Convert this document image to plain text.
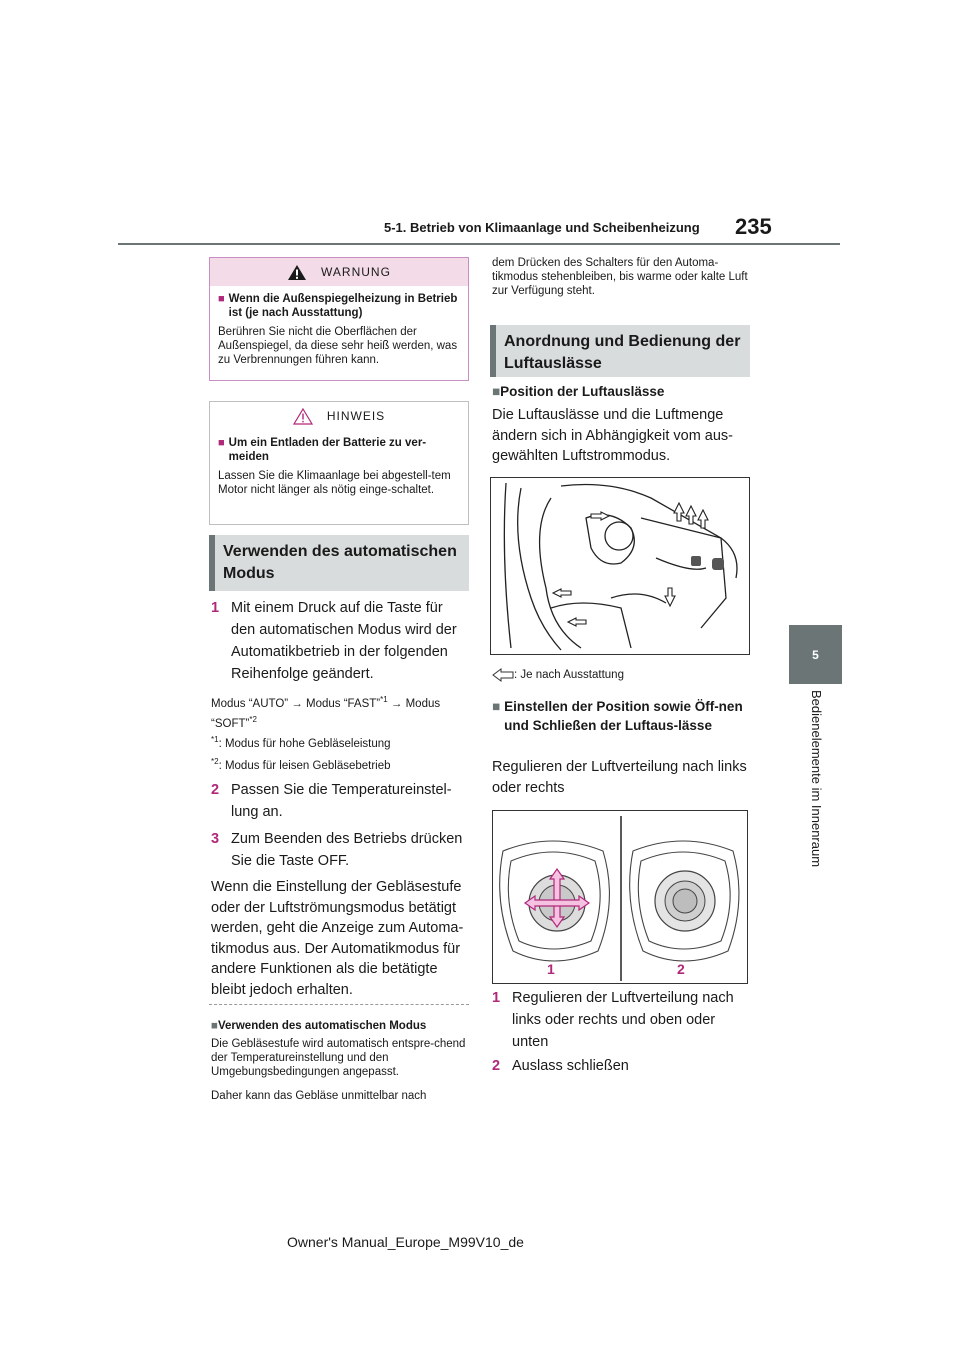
5-1. Betrieb von Klimaanlage und Scheibenheizung 235
5
Bedienelemente im Innenraum
WARNUNG
■ Wenn die Außenspiegelheizung in Betrieb ist (je nach Ausstattung)
Berühren Sie nicht die Oberflächen der Außenspiegel, da diese sehr heiß werden, was zu Verbrennungen führen kann.
HINWEIS
■ Um ein Entladen der Batterie zu ver-meiden
Lassen Sie die Klimaanlage bei abgestell-tem Motor nicht länger als nötig einge-schaltet.
Verwenden des automatischen Modus
1 Mit einem Druck auf die Taste für den automatischen Modus wird der Automatikbetrieb in der folgenden Reihenfolge geändert.
Modus “AUTO” → Modus “FAST”$^{*1}$ → Modus “SOFT”$^{*2}$
$^{*1}$: Modus für hohe Gebläseleistung
$^{*2}$: Modus für leisen Gebläsebetrieb
2 Passen Sie die Temperatureinstel-lung an.
3 Zum Beenden des Betriebs drücken Sie die Taste OFF.
Wenn die Einstellung der Gebläsestufe oder der Luftströmungsmodus betätigt werden, geht die Anzeige zum Automa-tikmodus aus. Der Automatikmodus für andere Funktionen als die betätigte bleibt jedoch erhalten.
■Verwenden des automatischen Modus
Die Gebläsestufe wird automatisch entspre-chend der Temperatureinstellung und den Umgebungsbedingungen angepasst.
Daher kann das Gebläse unmittelbar nach
dem Drücken des Schalters für den Automa-tikmodus stehenbleiben, bis warme oder kalte Luft zur Verfügung steht.
Anordnung und Bedienung der Luftauslässe
■Position der Luftauslässe
Die Luftauslässe und die Luftmenge ändern sich in Abhängigkeit vom aus-gewählten Luftstrommodus.
: Je nach Ausstattung
■ Einstellen der Position sowie Öff-nen und Schließen der Luftaus-lässe
Regulieren der Luftverteilung nach links oder rechts
1	2
1 Regulieren der Luftverteilung nach links oder rechts und oben oder unten
2 Auslass schließen
Owner's Manual_Europe_M99V10_de
